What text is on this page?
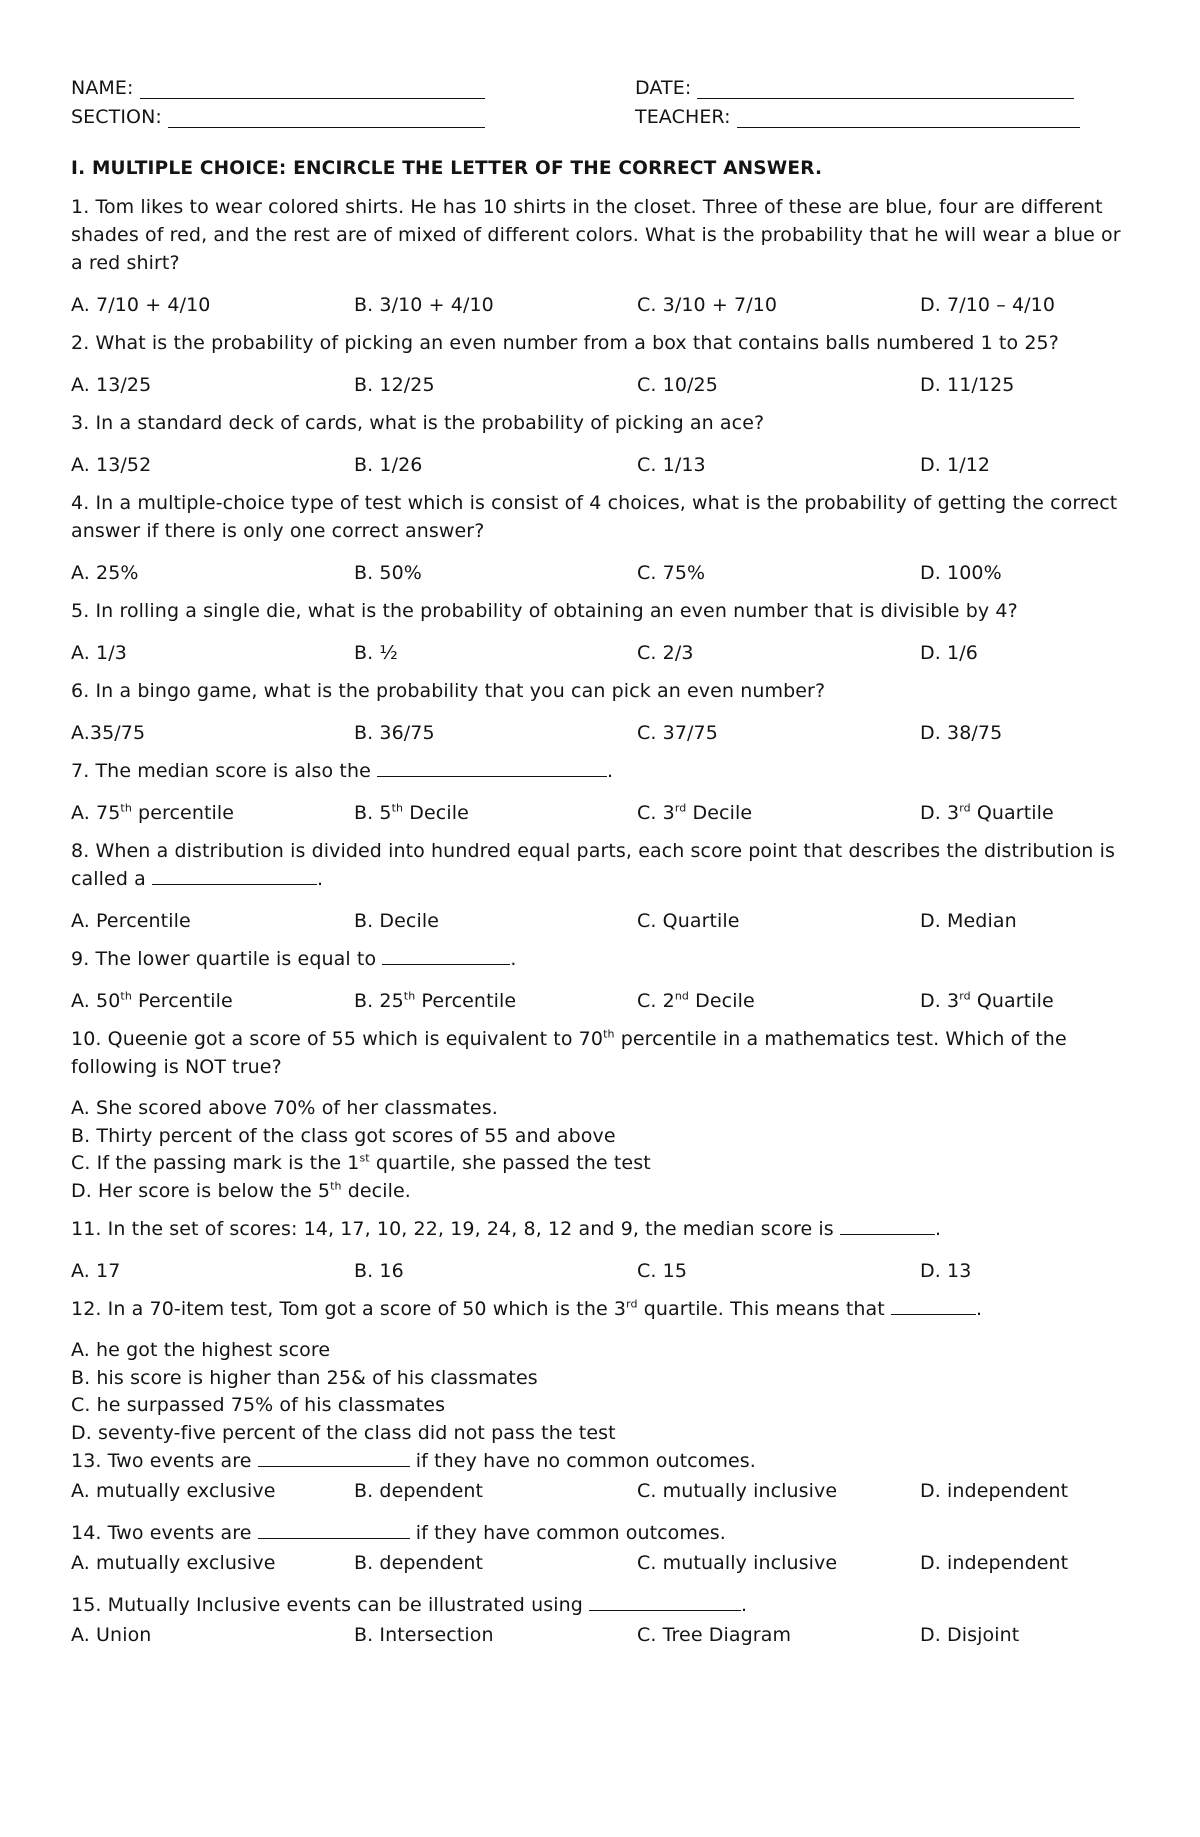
NAME:	DATE:
SECTION:	TEACHER:
I. MULTIPLE CHOICE: ENCIRCLE THE LETTER OF THE CORRECT ANSWER.
1. Tom likes to wear colored shirts. He has 10 shirts in the closet. Three of these are blue, four are different shades of red, and the rest are of mixed of different colors. What is the probability that he will wear a blue or a red shirt?
A. 7/10 + 4/10	B. 3/10 + 4/10	C. 3/10 + 7/10	D. 7/10 – 4/10
2. What is the probability of picking an even number from a box that contains balls numbered 1 to 25?
A. 13/25	B. 12/25	C. 10/25	D. 11/125
3. In a standard deck of cards, what is the probability of picking an ace?
A. 13/52	B. 1/26	C. 1/13	D. 1/12
4. In a multiple-choice type of test which is consist of 4 choices, what is the probability of getting the correct answer if there is only one correct answer?
A. 25%	B. 50%	C. 75%	D. 100%
5. In rolling a single die, what is the probability of obtaining an even number that is divisible by 4?
A. 1/3	B. ½	C. 2/3	D. 1/6
6. In a bingo game, what is the probability that you can pick an even number?
A.35/75	B. 36/75	C. 37/75	D. 38/75
7. The median score is also the	.
A. 75th percentile	B. 5th Decile	C. 3rd Decile	D. 3rd Quartile
8. When a distribution is divided into hundred equal parts, each score point that describes the distribution is called a	.
A. Percentile	B. Decile	C. Quartile	D. Median
9. The lower quartile is equal to	.
A. 50th Percentile	B. 25th Percentile	C. 2nd Decile	D. 3rd Quartile
10. Queenie got a score of 55 which is equivalent to 70th percentile in a mathematics test. Which of the following is NOT true?
A. She scored above 70% of her classmates.
B. Thirty percent of the class got scores of 55 and above
C. If the passing mark is the 1st quartile, she passed the test
D. Her score is below the 5th decile.
11. In the set of scores: 14, 17, 10, 22, 19, 24, 8, 12 and 9, the median score is	.
A. 17	B. 16	C. 15	D. 13
12. In a 70-item test, Tom got a score of 50 which is the 3rd quartile. This means that	.
A. he got the highest score
B. his score is higher than 25& of his classmates
C. he surpassed 75% of his classmates
D. seventy-five percent of the class did not pass the test
13. Two events are	if they have no common outcomes.
A. mutually exclusive	B. dependent	C. mutually inclusive	D. independent
14. Two events are	if they have common outcomes.
A. mutually exclusive	B. dependent	C. mutually inclusive	D. independent
15. Mutually Inclusive events can be illustrated using	.
A. Union	B. Intersection	C. Tree Diagram	D. Disjoint
